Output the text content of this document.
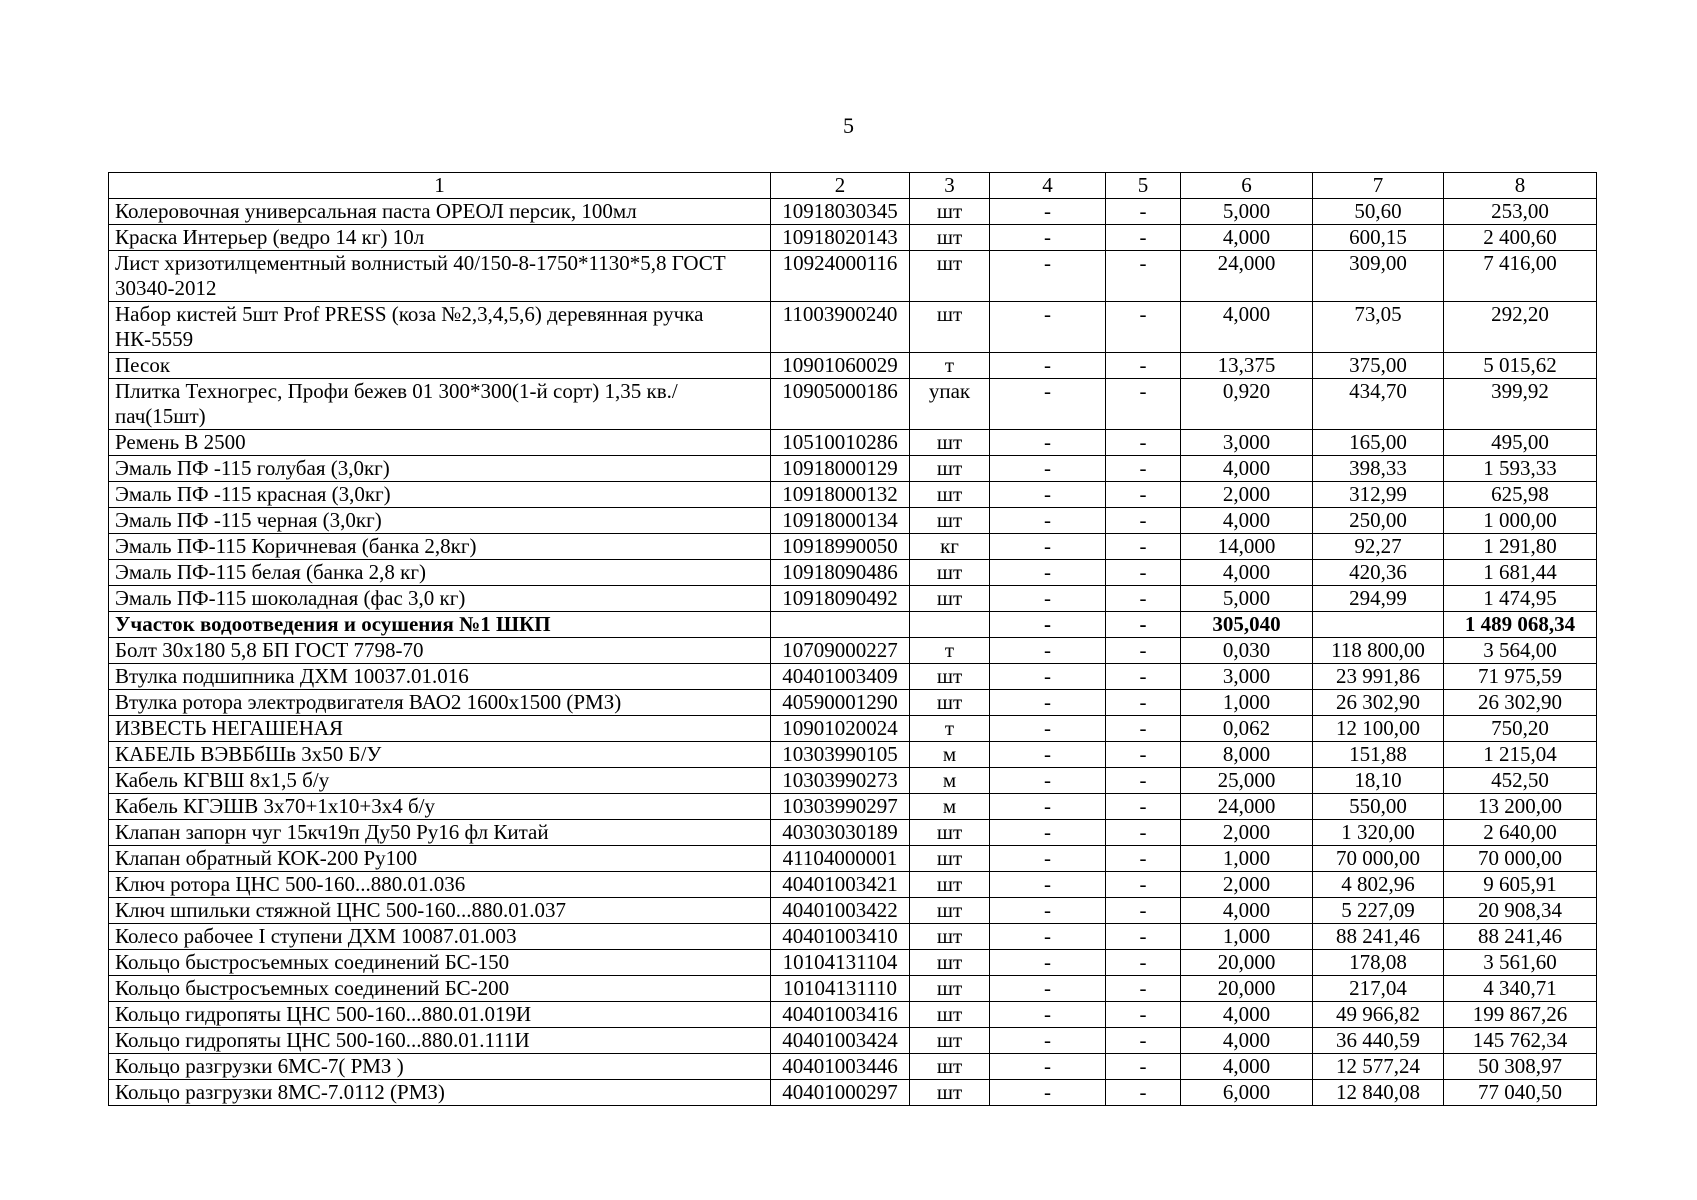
5
1	2	3	4	5	6	7	8
Колеровочная универсальная паста ОРЕОЛ персик, 100мл	10918030345	шт	-	-	5,000	50,60	253,00
Краска Интерьер (ведро 14 кг) 10л	10918020143	шт	-	-	4,000	600,15	2 400,60
Лист хризотилцементный волнистый 40/150-8-1750*1130*5,8 ГОСТ 30340-2012	10924000116	шт	-	-	24,000	309,00	7 416,00
Набор кистей 5шт Prof PRESS (коза №2,3,4,5,6) деревянная ручка НК-5559	11003900240	шт	-	-	4,000	73,05	292,20
Песок	10901060029	т	-	-	13,375	375,00	5 015,62
Плитка Техногрес, Профи бежев 01 300*300(1-й сорт) 1,35 кв./пач(15шт)	10905000186	упак	-	-	0,920	434,70	399,92
Ремень В 2500	10510010286	шт	-	-	3,000	165,00	495,00
Эмаль ПФ -115 голубая (3,0кг)	10918000129	шт	-	-	4,000	398,33	1 593,33
Эмаль ПФ -115 красная (3,0кг)	10918000132	шт	-	-	2,000	312,99	625,98
Эмаль ПФ -115 черная (3,0кг)	10918000134	шт	-	-	4,000	250,00	1 000,00
Эмаль ПФ-115 Коричневая (банка 2,8кг)	10918990050	кг	-	-	14,000	92,27	1 291,80
Эмаль ПФ-115 белая (банка 2,8 кг)	10918090486	шт	-	-	4,000	420,36	1 681,44
Эмаль ПФ-115 шоколадная (фас 3,0 кг)	10918090492	шт	-	-	5,000	294,99	1 474,95
Участок водоотведения и осушения №1 ШКП			-	-	305,040		1 489 068,34
Болт 30х180 5,8 БП ГОСТ 7798-70	10709000227	т	-	-	0,030	118 800,00	3 564,00
Втулка подшипника ДХМ 10037.01.016	40401003409	шт	-	-	3,000	23 991,86	71 975,59
Втулка ротора электродвигателя ВАО2 1600х1500 (РМЗ)	40590001290	шт	-	-	1,000	26 302,90	26 302,90
ИЗВЕСТЬ НЕГАШЕНАЯ	10901020024	т	-	-	0,062	12 100,00	750,20
КАБЕЛЬ ВЭВБбШв 3х50 Б/У	10303990105	м	-	-	8,000	151,88	1 215,04
Кабель КГВШ 8х1,5 б/у	10303990273	м	-	-	25,000	18,10	452,50
Кабель КГЭШВ 3х70+1х10+3х4 б/у	10303990297	м	-	-	24,000	550,00	13 200,00
Клапан запорн чуг 15кч19п Ду50 Ру16 фл Китай	40303030189	шт	-	-	2,000	1 320,00	2 640,00
Клапан обратный КОК-200 Ру100	41104000001	шт	-	-	1,000	70 000,00	70 000,00
Ключ ротора ЦНС 500-160...880.01.036	40401003421	шт	-	-	2,000	4 802,96	9 605,91
Ключ шпильки стяжной ЦНС 500-160...880.01.037	40401003422	шт	-	-	4,000	5 227,09	20 908,34
Колесо рабочее I ступени ДХМ 10087.01.003	40401003410	шт	-	-	1,000	88 241,46	88 241,46
Кольцо быстросъемных соединений БС-150	10104131104	шт	-	-	20,000	178,08	3 561,60
Кольцо быстросъемных соединений БС-200	10104131110	шт	-	-	20,000	217,04	4 340,71
Кольцо гидропяты ЦНС 500-160...880.01.019И	40401003416	шт	-	-	4,000	49 966,82	199 867,26
Кольцо гидропяты ЦНС 500-160...880.01.111И	40401003424	шт	-	-	4,000	36 440,59	145 762,34
Кольцо разгрузки 6МС-7( РМЗ )	40401003446	шт	-	-	4,000	12 577,24	50 308,97
Кольцо разгрузки 8МС-7.0112 (РМЗ)	40401000297	шт	-	-	6,000	12 840,08	77 040,50
